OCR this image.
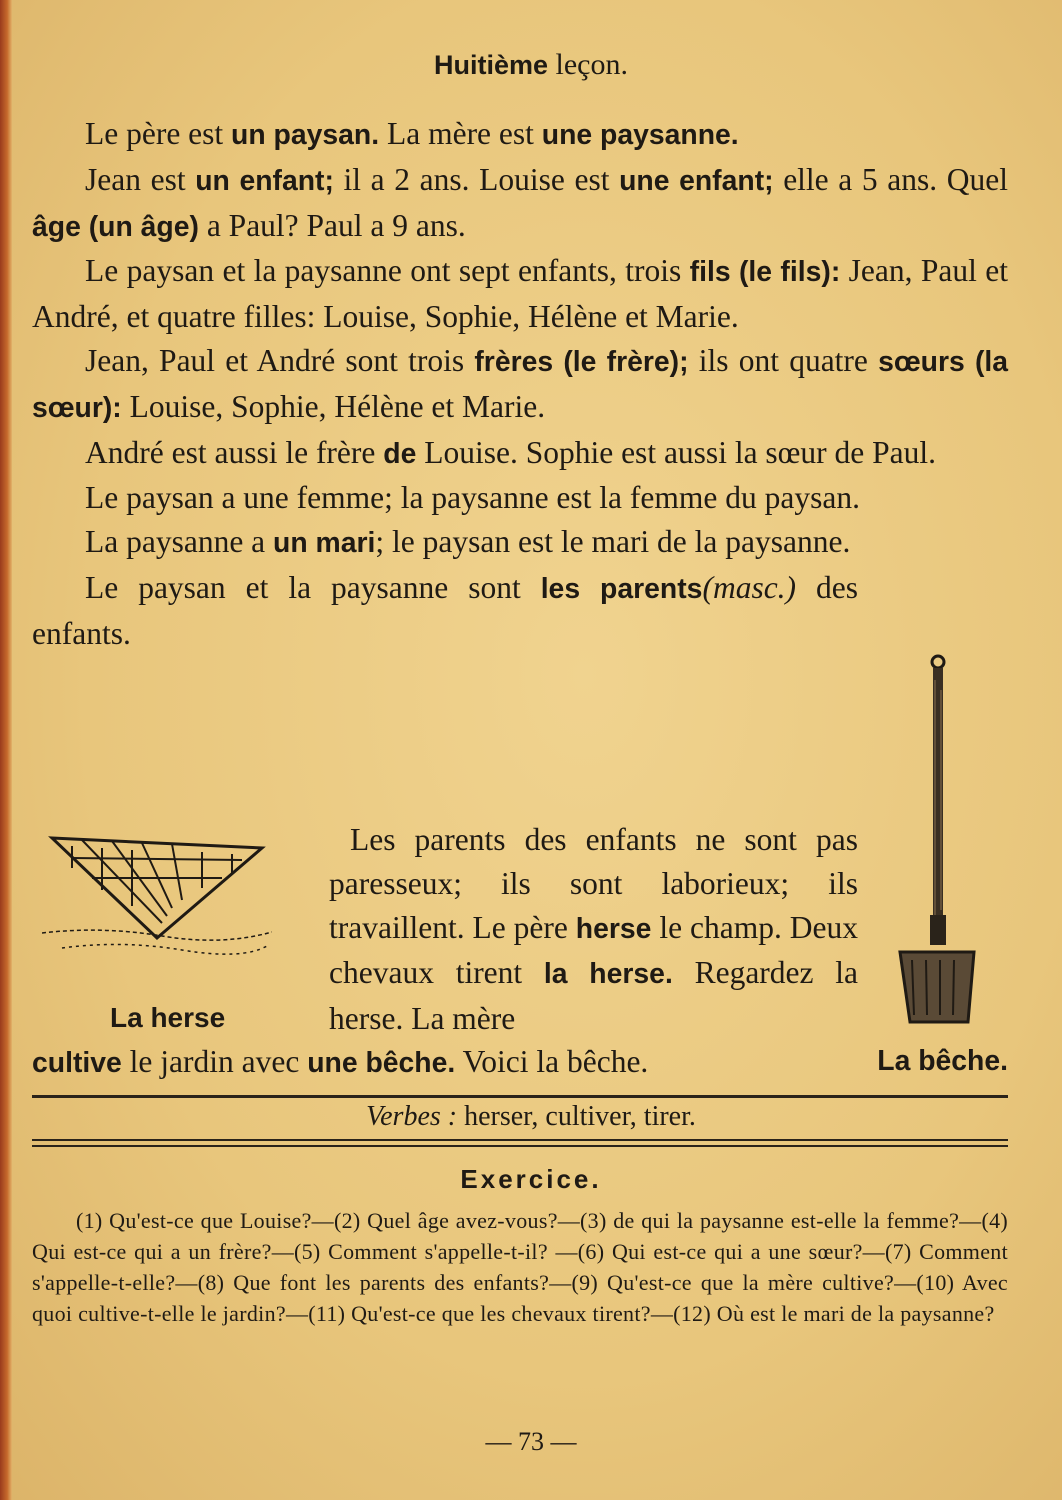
Huitième leçon.

Le père est un paysan. La mère est une paysanne.

Jean est un enfant; il a 2 ans. Louise est une enfant; elle a 5 ans. Quel âge (un âge) a Paul? Paul a 9 ans.

Le paysan et la paysanne ont sept enfants, trois fils (le fils): Jean, Paul et André, et quatre filles: Louise, Sophie, Hélène et Marie.

Jean, Paul et André sont trois frères (le frère); ils ont quatre sœurs (la sœur): Louise, Sophie, Hélène et Marie.

André est aussi le frère de Louise. Sophie est aussi la sœur de Paul.

Le paysan a une femme; la paysanne est la femme du paysan.

La paysanne a un mari; le paysan est le mari de la paysanne.

Le paysan et la paysanne sont les parents(masc.) des enfants.

La herse

Les parents des enfants ne sont pas paresseux; ils sont laborieux; ils travaillent. Le père herse le champ. Deux chevaux tirent la herse. Regardez la herse. La mère

cultive le jardin avec une bêche. Voici la bêche.	La bêche.
Verbes : herser, cultiver, tirer.
Exercice.
(1) Qu'est-ce que Louise?—(2) Quel âge avez-vous?—(3) de qui la paysanne est-elle la femme?—(4) Qui est-ce qui a un frère?—(5) Comment s'appelle-t-il? —(6) Qui est-ce qui a une sœur?—(7) Comment s'appelle-t-elle?—(8) Que font les parents des enfants?—(9) Qu'est-ce que la mère cultive?—(10) Avec quoi cultive-t-elle le jardin?—(11) Qu'est-ce que les chevaux tirent?—(12) Où est le mari de la paysanne?
— 73 —
